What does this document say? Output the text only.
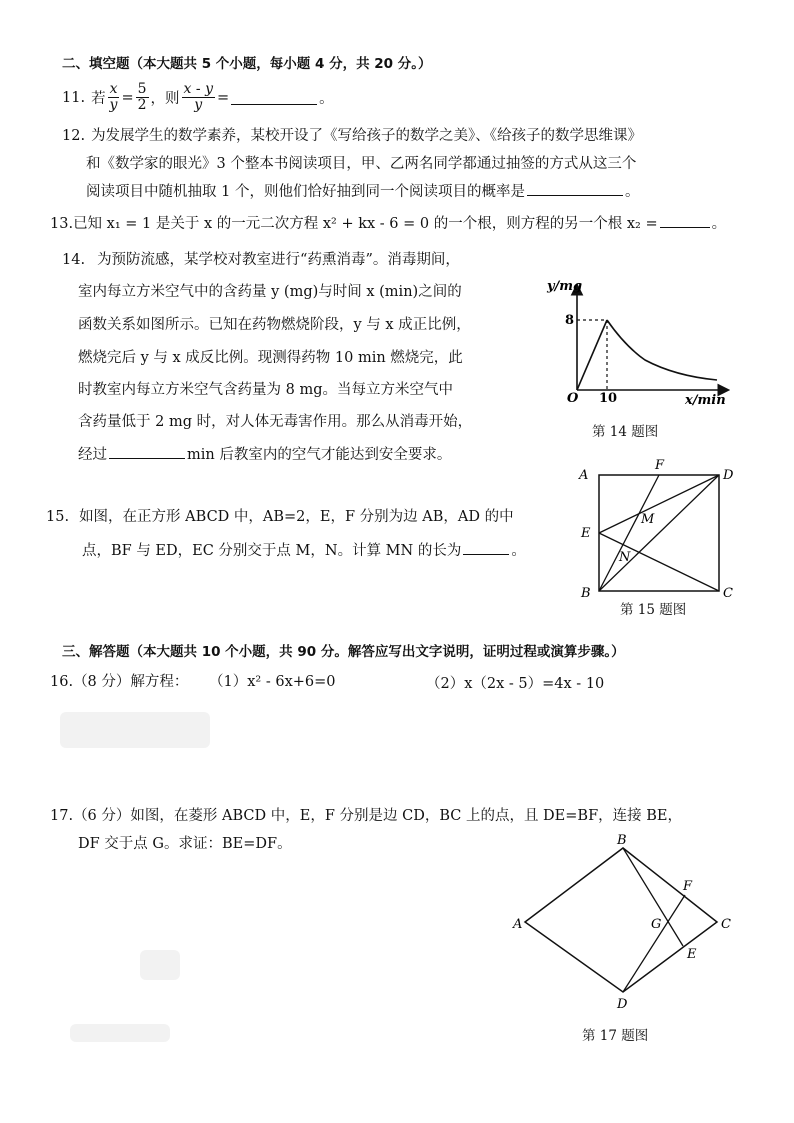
二、填空题（本大题共 5 个小题，每小题 4 分，共 20 分。）
11. 若 $\frac{x}{y} = \frac{5}{2}$ ，则 $\frac{x - y}{y}$ =	。
12. 为发展学生的数学素养，某校开设了《写给孩子的数学之美》、《给孩子的数学思维课》
和《数学家的眼光》3 个整本书阅读项目，甲、乙两名同学都通过抽签的方式从这三个
阅读项目中随机抽取 1 个，则他们恰好抽到同一个阅读项目的概率是	。
13.已知 x₁ = 1 是关于 x 的一元二次方程 x² + kx - 6 = 0 的一个根，则方程的另一个根 x₂ =	。
14. 为预防流感，某学校对教室进行“药熏消毒”。消毒期间，
室内每立方米空气中的含药量 y (mg)与时间 x (min)之间的
函数关系如图所示。已知在药物燃烧阶段，y 与 x 成正比例，
燃烧完后 y 与 x 成反比例。现测得药物 10 min 燃烧完，此
时教室内每立方米空气含药量为 8 mg。当每立方米空气中
含药量低于 2 mg 时，对人体无毒害作用。那么从消毒开始，
经过	min 后教室内的空气才能达到安全要求。
y/mg
8
O 10	x/min
第 14 题图
15. 如图，在正方形 ABCD 中，AB=2，E，F 分别为边 AB，AD 的中
点，BF 与 ED，EC 分别交于点 M，N。计算 MN 的长为	。
A
F
D
E
M
N
B	C
第 15 题图
三、解答题（本大题共 10 个小题，共 90 分。解答应写出文字说明，证明过程或演算步骤。）
16.（8 分）解方程： （1）x² - 6x+6=0	（2）x（2x - 5）=4x - 10
17.（6 分）如图，在菱形 ABCD 中，E，F 分别是边 CD，BC 上的点，且 DE=BF，连接 BE，
DF 交于点 G。求证：BE=DF。
A
B
C
D
F
E
G
第 17 题图
